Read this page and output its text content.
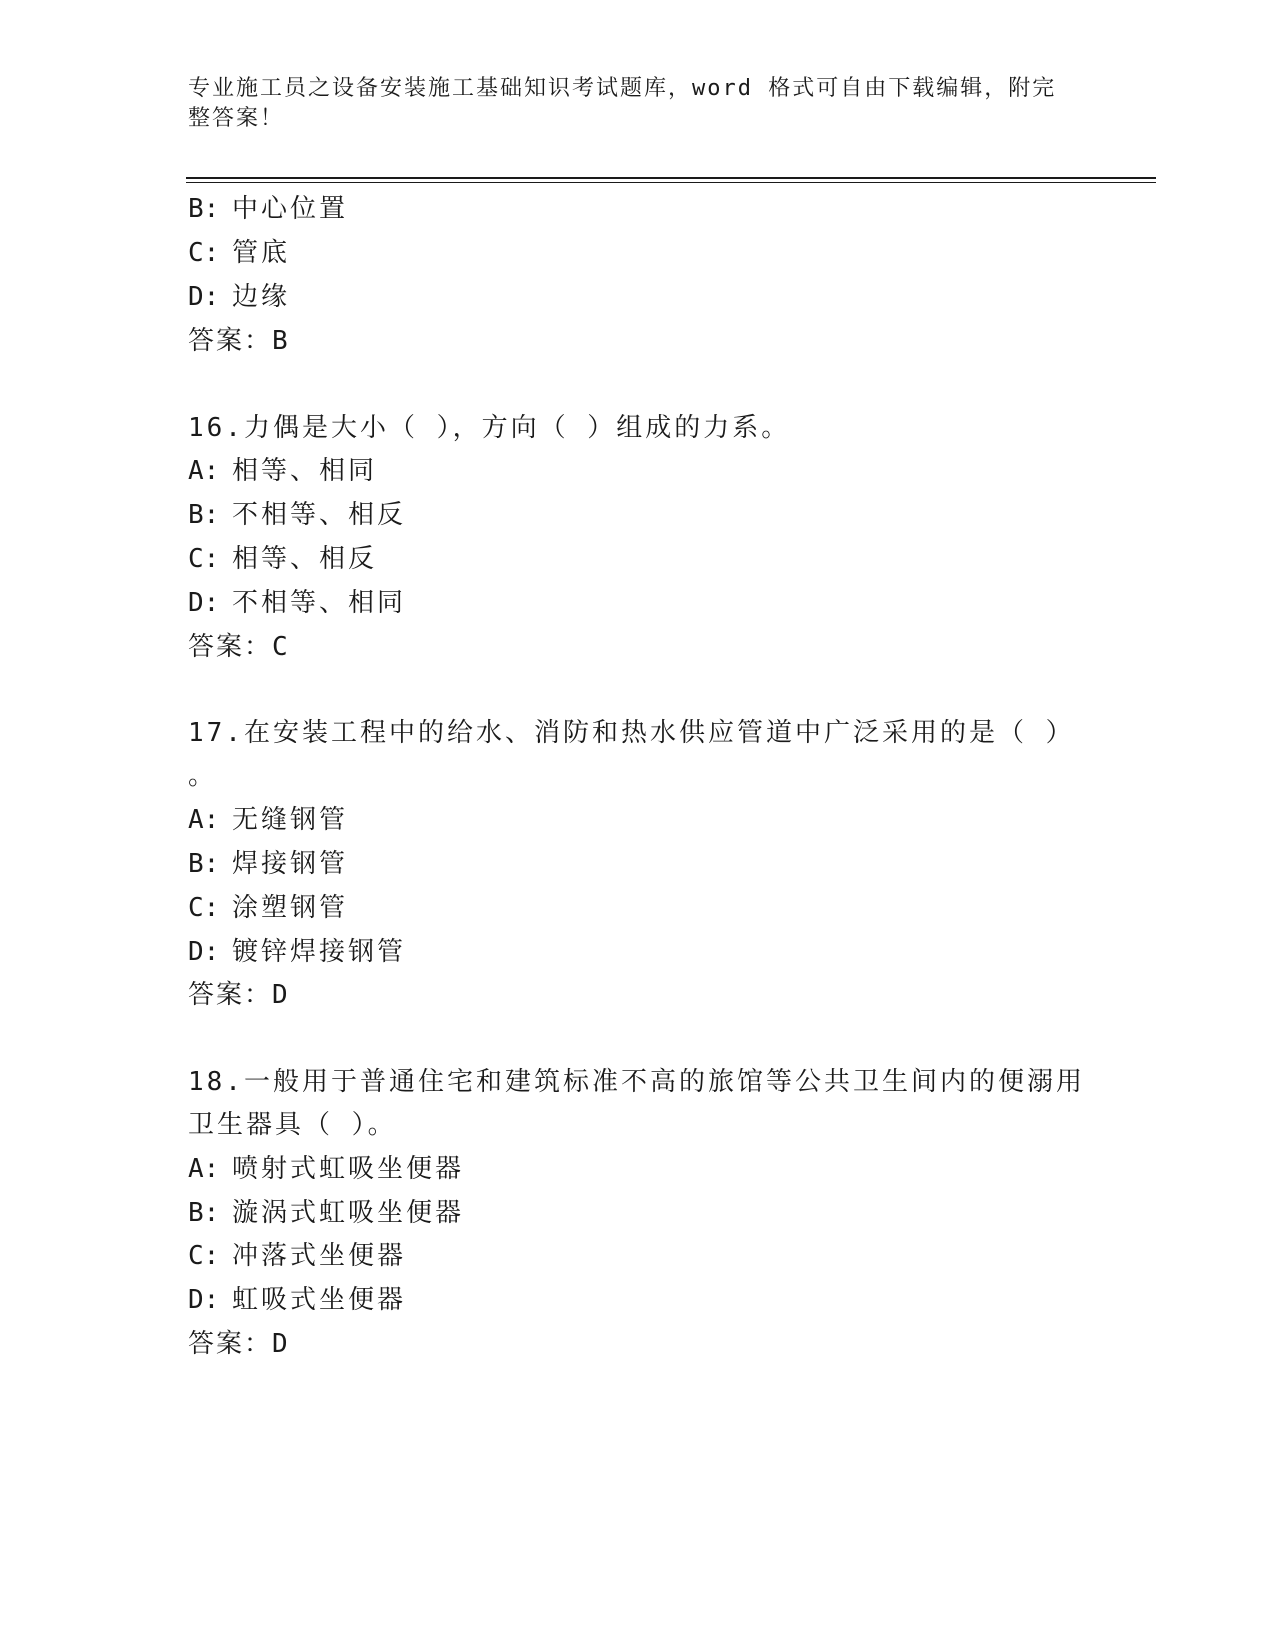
专业施工员之设备安装施工基础知识考试题库，word 格式可自由下载编辑，附完
整答案！
B: 中心位置
C: 管底
D: 边缘
答案：B
16.力偶是大小（ ），方向（ ）组成的力系。
A: 相等、相同
B: 不相等、相反
C: 相等、相反
D: 不相等、相同
答案：C
17.在安装工程中的给水、消防和热水供应管道中广泛采用的是（ ）
。
A: 无缝钢管
B: 焊接钢管
C: 涂塑钢管
D: 镀锌焊接钢管
答案：D
18.一般用于普通住宅和建筑标准不高的旅馆等公共卫生间内的便溺用
卫生器具（ ）。
A: 喷射式虹吸坐便器
B: 漩涡式虹吸坐便器
C: 冲落式坐便器
D: 虹吸式坐便器
答案：D
